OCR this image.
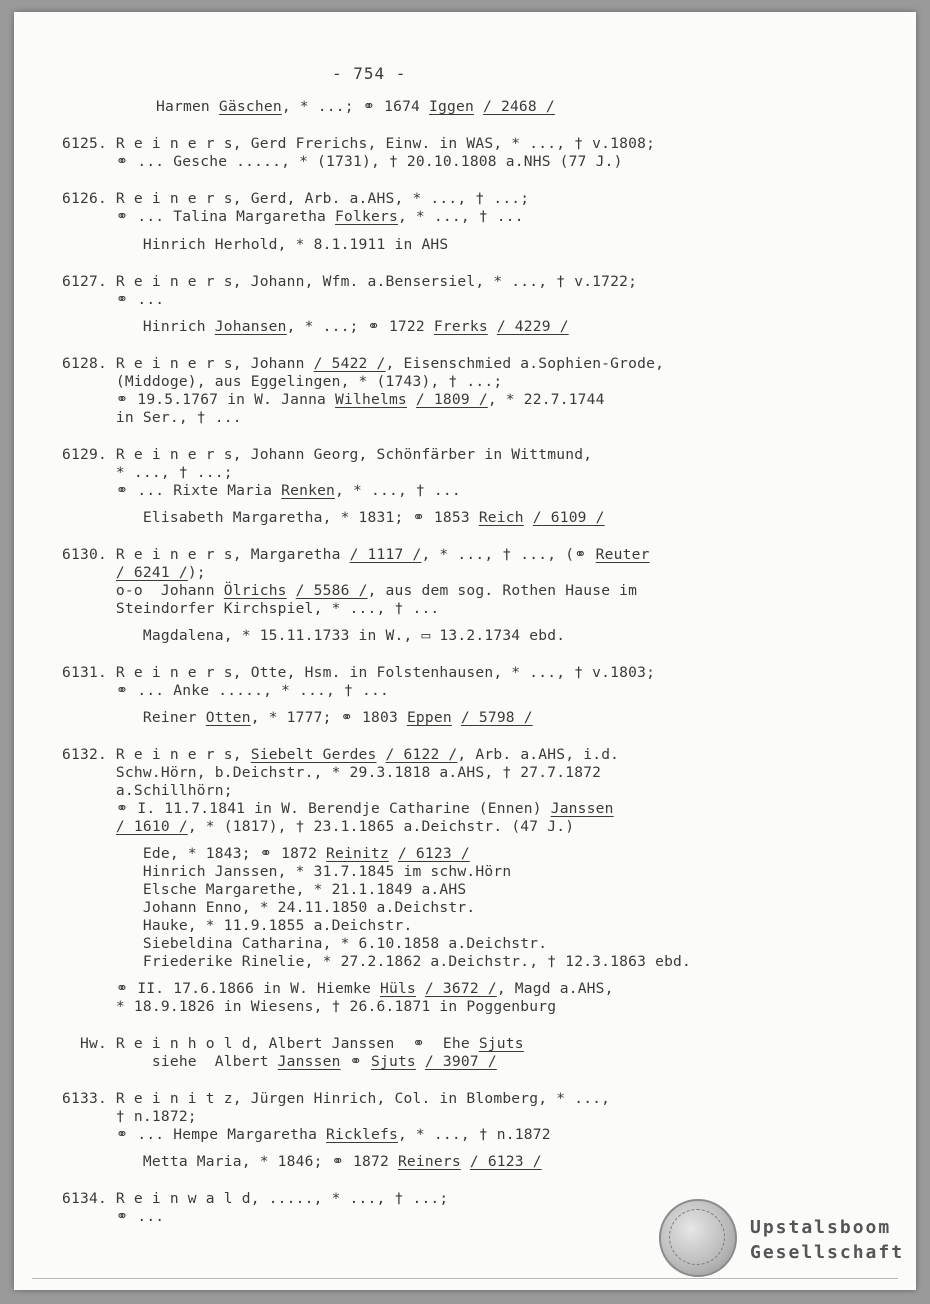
- 754 -
Harmen Gäschen, * ...; ⚭ 1674 Iggen / 2468 /
6125. R e i n e r s, Gerd Frerichs, Einw. in WAS, * ..., † v.1808;
⚭ ... Gesche ....., * (1731), † 20.10.1808 a.NHS (77 J.)
6126. R e i n e r s, Gerd, Arb. a.AHS, * ..., † ...;
⚭ ... Talina Margaretha Folkers, * ..., † ...
Hinrich Herhold, * 8.1.1911 in AHS
6127. R e i n e r s, Johann, Wfm. a.Bensersiel, * ..., † v.1722;
⚭ ...
Hinrich Johansen, * ...; ⚭ 1722 Frerks / 4229 /
6128. R e i n e r s, Johann / 5422 /, Eisenschmied a.Sophien-Grode,
(Middoge), aus Eggelingen, * (1743), † ...;
⚭ 19.5.1767 in W. Janna Wilhelms / 1809 /, * 22.7.1744
in Ser., † ...
6129. R e i n e r s, Johann Georg, Schönfärber in Wittmund,
* ..., † ...;
⚭ ... Rixte Maria Renken, * ..., † ...
Elisabeth Margaretha, * 1831; ⚭ 1853 Reich / 6109 /
6130. R e i n e r s, Margaretha / 1117 /, * ..., † ..., (⚭ Reuter
/ 6241 /);
o-o  Johann Ölrichs / 5586 /, aus dem sog. Rothen Hause im
Steindorfer Kirchspiel, * ..., † ...
Magdalena, * 15.11.1733 in W., ▭ 13.2.1734 ebd.
6131. R e i n e r s, Otte, Hsm. in Folstenhausen, * ..., † v.1803;
⚭ ... Anke ....., * ..., † ...
Reiner Otten, * 1777; ⚭ 1803 Eppen / 5798 /
6132. R e i n e r s, Siebelt Gerdes / 6122 /, Arb. a.AHS, i.d.
Schw.Hörn, b.Deichstr., * 29.3.1818 a.AHS, † 27.7.1872
a.Schillhörn;
⚭ I. 11.7.1841 in W. Berendje Catharine (Ennen) Janssen
/ 1610 /, * (1817), † 23.1.1865 a.Deichstr. (47 J.)
Ede, * 1843; ⚭ 1872 Reinitz / 6123 /
Hinrich Janssen, * 31.7.1845 im schw.Hörn
Elsche Margarethe, * 21.1.1849 a.AHS
Johann Enno, * 24.11.1850 a.Deichstr.
Hauke, * 11.9.1855 a.Deichstr.
Siebeldina Catharina, * 6.10.1858 a.Deichstr.
Friederike Rinelie, * 27.2.1862 a.Deichstr., † 12.3.1863 ebd.
⚭ II. 17.6.1866 in W. Hiemke Hüls / 3672 /, Magd a.AHS,
* 18.9.1826 in Wiesens, † 26.6.1871 in Poggenburg
Hw. R e i n h o l d, Albert Janssen  ⚭  Ehe Sjuts
siehe  Albert Janssen ⚭ Sjuts / 3907 /
6133. R e i n i t z, Jürgen Hinrich, Col. in Blomberg, * ...,
† n.1872;
⚭ ... Hempe Margaretha Ricklefs, * ..., † n.1872
Metta Maria, * 1846; ⚭ 1872 Reiners / 6123 /
6134. R e i n w a l d, ....., * ..., † ...;
⚭ ...
Upstalsboom
Gesellschaft
